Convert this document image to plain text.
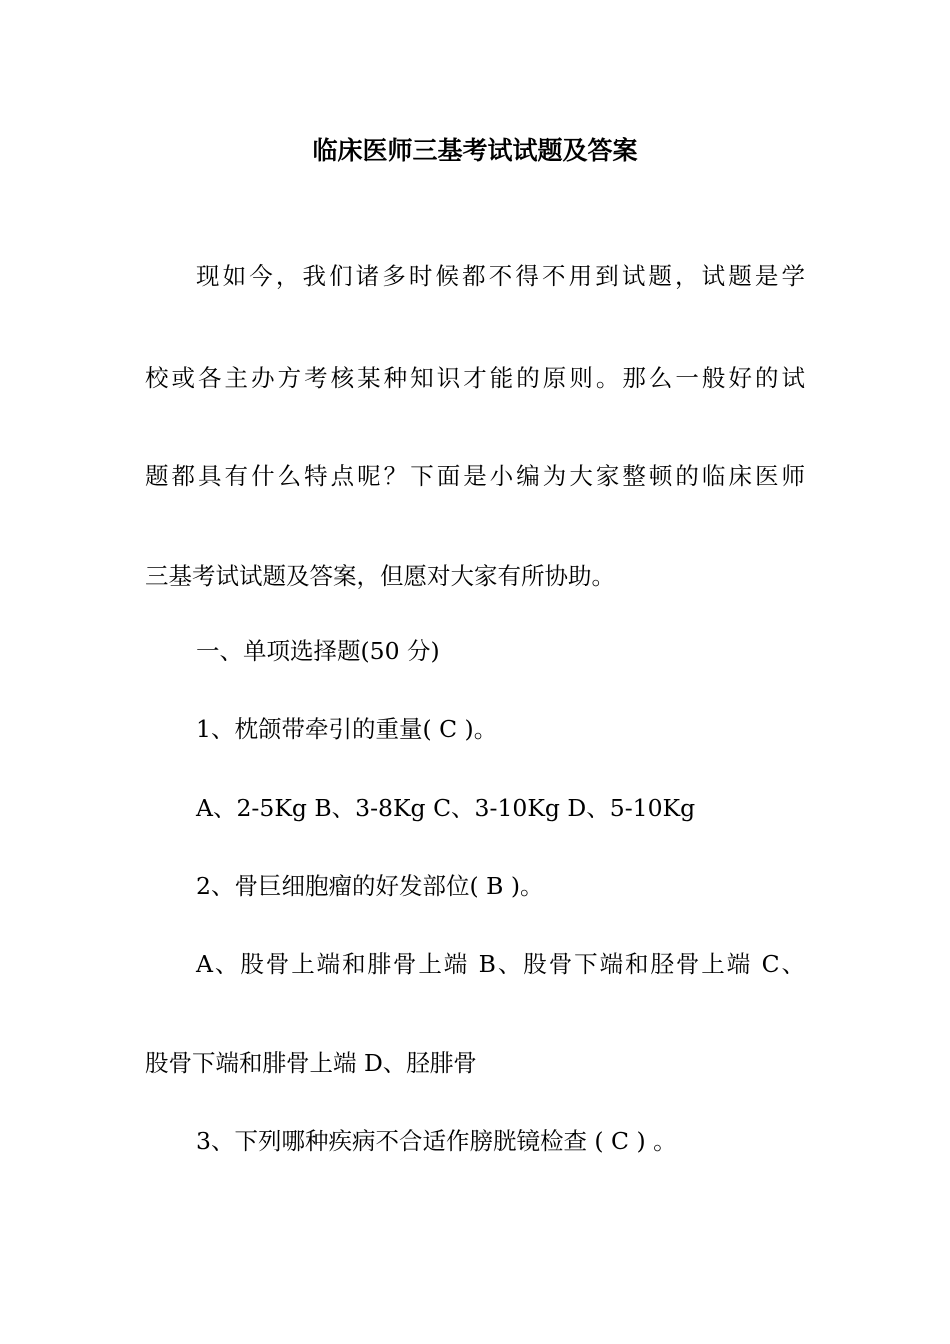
临床医师三基考试试题及答案
现如今，我们诸多时候都不得不用到试题，试题是学
校或各主办方考核某种知识才能的原则。那么一般好的试
题都具有什么特点呢？下面是小编为大家整顿的临床医师
三基考试试题及答案，但愿对大家有所协助。
一、单项选择题(50 分)
1、枕颌带牵引的重量( C )。
A、2-5Kg B、3-8Kg C、3-10Kg D、5-10Kg
2、骨巨细胞瘤的好发部位( B )。
A、股骨上端和腓骨上端 B、股骨下端和胫骨上端 C、
股骨下端和腓骨上端 D、胫腓骨
3、下列哪种疾病不合适作膀胱镜检查 ( C ) 。
